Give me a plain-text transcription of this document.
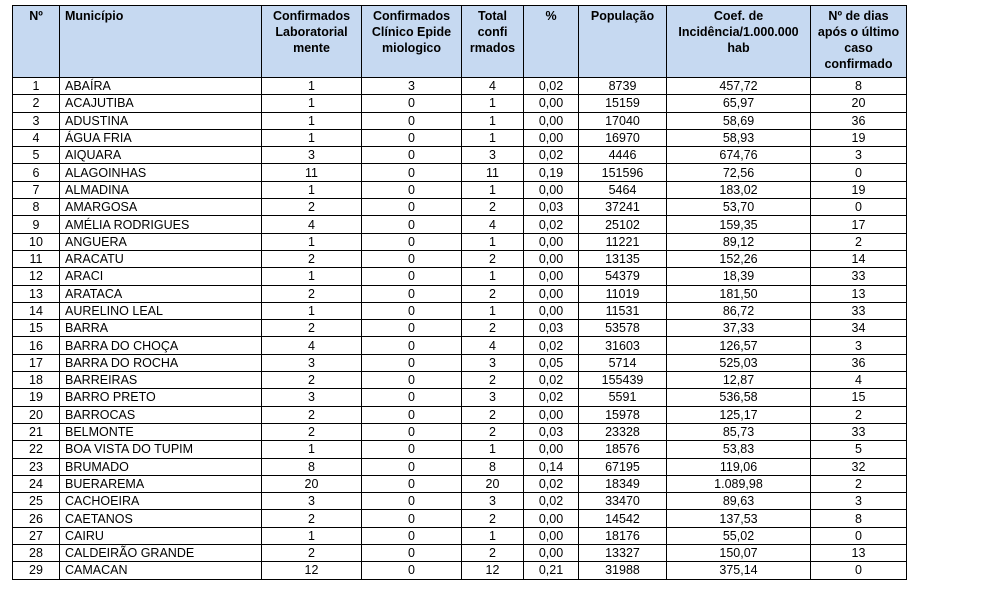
Nº	Município	Confirmados Laboratorial mente	Confirmados Clínico Epide miologico	Total confi rmados	%	População	Coef. de Incidência/1.000.000 hab	Nº de dias após o último caso confirmado
1	ABAÍRA	1	3	4	0,02	8739	457,72	8
2	ACAJUTIBA	1	0	1	0,00	15159	65,97	20
3	ADUSTINA	1	0	1	0,00	17040	58,69	36
4	ÁGUA FRIA	1	0	1	0,00	16970	58,93	19
5	AIQUARA	3	0	3	0,02	4446	674,76	3
6	ALAGOINHAS	11	0	11	0,19	151596	72,56	0
7	ALMADINA	1	0	1	0,00	5464	183,02	19
8	AMARGOSA	2	0	2	0,03	37241	53,70	0
9	AMÉLIA RODRIGUES	4	0	4	0,02	25102	159,35	17
10	ANGUERA	1	0	1	0,00	11221	89,12	2
11	ARACATU	2	0	2	0,00	13135	152,26	14
12	ARACI	1	0	1	0,00	54379	18,39	33
13	ARATACA	2	0	2	0,00	11019	181,50	13
14	AURELINO LEAL	1	0	1	0,00	11531	86,72	33
15	BARRA	2	0	2	0,03	53578	37,33	34
16	BARRA DO CHOÇA	4	0	4	0,02	31603	126,57	3
17	BARRA DO ROCHA	3	0	3	0,05	5714	525,03	36
18	BARREIRAS	2	0	2	0,02	155439	12,87	4
19	BARRO PRETO	3	0	3	0,02	5591	536,58	15
20	BARROCAS	2	0	2	0,00	15978	125,17	2
21	BELMONTE	2	0	2	0,03	23328	85,73	33
22	BOA VISTA DO TUPIM	1	0	1	0,00	18576	53,83	5
23	BRUMADO	8	0	8	0,14	67195	119,06	32
24	BUERAREMA	20	0	20	0,02	18349	1.089,98	2
25	CACHOEIRA	3	0	3	0,02	33470	89,63	3
26	CAETANOS	2	0	2	0,00	14542	137,53	8
27	CAIRU	1	0	1	0,00	18176	55,02	0
28	CALDEIRÃO GRANDE	2	0	2	0,00	13327	150,07	13
29	CAMACAN	12	0	12	0,21	31988	375,14	0
